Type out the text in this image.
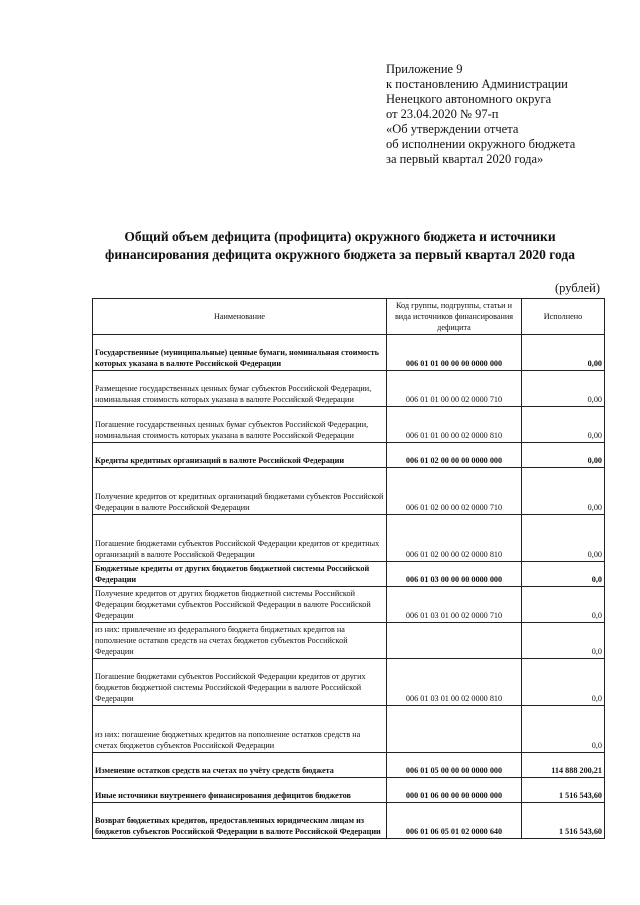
Приложение 9
к постановлению Администрации
Ненецкого автономного округа
от 23.04.2020 № 97-п
«Об утверждении отчета
об исполнении окружного бюджета
за первый квартал 2020 года»
Общий объем дефицита (профицита) окружного бюджета и источники финансирования дефицита окружного бюджета за первый квартал 2020 года
(рублей)
Наименование	Код группы, подгруппы, статьи и вида источников финансирования дефицита	Исполнено
Государственные (муниципальные) ценные бумаги, номинальная стоимость которых указана в валюте Российской Федерации	006 01 01 00 00 00 0000 000	0,00
Размещение государственных ценных бумаг субъектов Российской Федерации, номинальная стоимость которых указана в валюте Российской Федерации	006 01 01 00 00 02 0000 710	0,00
Погашение государственных ценных бумаг субъектов Российской Федерации, номинальная стоимость которых указана в валюте Российской Федерации	006 01 01 00 00 02 0000 810	0,00
Кредиты кредитных организаций в валюте Российской Федерации	006 01 02 00 00 00 0000 000	0,00
Получение кредитов от кредитных организаций бюджетами субъектов Российской Федерации в валюте Российской Федерации	006 01 02 00 00 02 0000 710	0,00
Погашение бюджетами субъектов Российской Федерации кредитов от кредитных организаций в валюте Российской Федерации	006 01 02 00 00 02 0000 810	0,00
Бюджетные кредиты от других бюджетов бюджетной системы Российской Федерации	006 01 03 00 00 00 0000 000	0,0
Получение кредитов от других бюджетов бюджетной системы Российской Федерации бюджетами субъектов Российской Федерации в валюте Российской Федерации	006 01 03 01 00 02 0000 710	0,0
из них: привлечение из федерального бюджета бюджетных кредитов на пополнение остатков средств на счетах бюджетов субъектов Российской Федерации		0,0
Погашение бюджетами субъектов Российской Федерации кредитов от других бюджетов бюджетной системы Российской Федерации в валюте Российской Федерации	006 01 03 01 00 02 0000 810	0,0
из них: погашение бюджетных кредитов на пополнение остатков средств на счетах бюджетов субъектов Российской Федерации		0,0
Изменение остатков средств на счетах по учёту средств бюджета	006 01 05 00 00 00 0000 000	114 888 200,21
Иные источники внутреннего финансирования дефицитов бюджетов	000 01 06 00 00 00 0000 000	1 516 543,60
Возврат бюджетных кредитов, предоставленных юридическим лицам из бюджетов субъектов Российской Федерации в валюте Российской Федерации	006 01 06 05 01 02 0000 640	1 516 543,60
